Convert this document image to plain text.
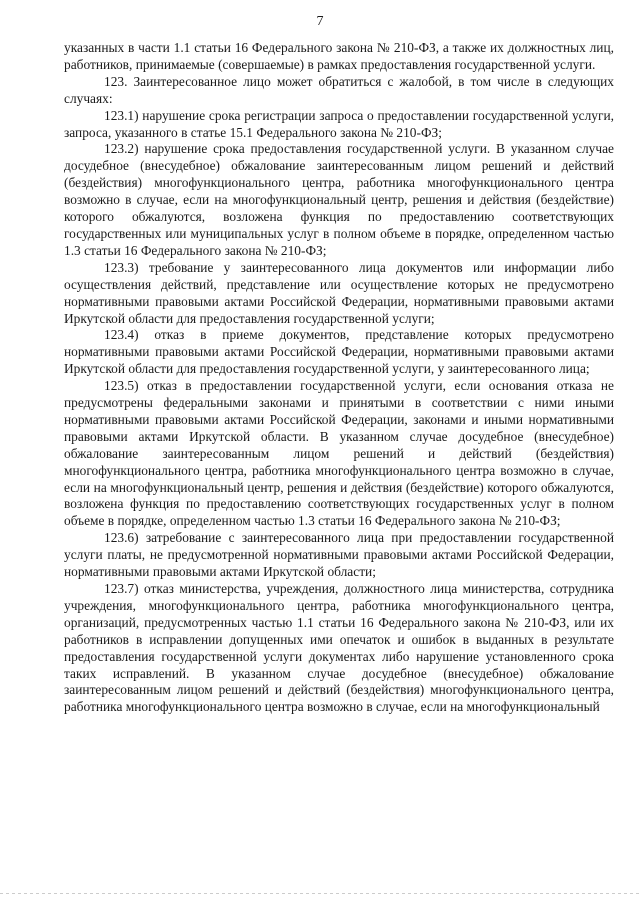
7

указанных в части 1.1 статьи 16 Федерального закона № 210-ФЗ, а также их должностных лиц, работников, принимаемые (совершаемые) в рамках предоставления государственной услуги.

123. Заинтересованное лицо может обратиться с жалобой, в том числе в следующих случаях:

123.1) нарушение срока регистрации запроса о предоставлении государственной услуги, запроса, указанного в статье 15.1 Федерального закона № 210-ФЗ;

123.2) нарушение срока предоставления государственной услуги. В указанном случае досудебное (внесудебное) обжалование заинтересованным лицом решений и действий (бездействия) многофункционального центра, работника многофункционального центра возможно в случае, если на многофункциональный центр, решения и действия (бездействие) которого обжалуются, возложена функция по предоставлению соответствующих государственных или муниципальных услуг в полном объеме в порядке, определенном частью 1.3 статьи 16 Федерального закона № 210-ФЗ;

123.3) требование у заинтересованного лица документов или информации либо осуществления действий, представление или осуществление которых не предусмотрено нормативными правовыми актами Российской Федерации, нормативными правовыми актами Иркутской области для предоставления государственной услуги;

123.4) отказ в приеме документов, представление которых предусмотрено нормативными правовыми актами Российской Федерации, нормативными правовыми актами Иркутской области для предоставления государственной услуги, у заинтересованного лица;

123.5) отказ в предоставлении государственной услуги, если основания отказа не предусмотрены федеральными законами и принятыми в соответствии с ними иными нормативными правовыми актами Российской Федерации, законами и иными нормативными правовыми актами Иркутской области. В указанном случае досудебное (внесудебное) обжалование заинтересованным лицом решений и действий (бездействия) многофункционального центра, работника многофункционального центра возможно в случае, если на многофункциональный центр, решения и действия (бездействие) которого обжалуются, возложена функция по предоставлению соответствующих государственных услуг в полном объеме в порядке, определенном частью 1.3 статьи 16 Федерального закона № 210-ФЗ;

123.6) затребование с заинтересованного лица при предоставлении государственной услуги платы, не предусмотренной нормативными правовыми актами Российской Федерации, нормативными правовыми актами Иркутской области;

123.7) отказ министерства, учреждения, должностного лица министерства, сотрудника учреждения, многофункционального центра, работника многофункционального центра, организаций, предусмотренных частью 1.1 статьи 16 Федерального закона № 210-ФЗ, или их работников в исправлении допущенных ими опечаток и ошибок в выданных в результате предоставления государственной услуги документах либо нарушение установленного срока таких исправлений. В указанном случае досудебное (внесудебное) обжалование заинтересованным лицом решений и действий (бездействия) многофункционального центра, работника многофункционального центра возможно в случае, если на многофункциональный
